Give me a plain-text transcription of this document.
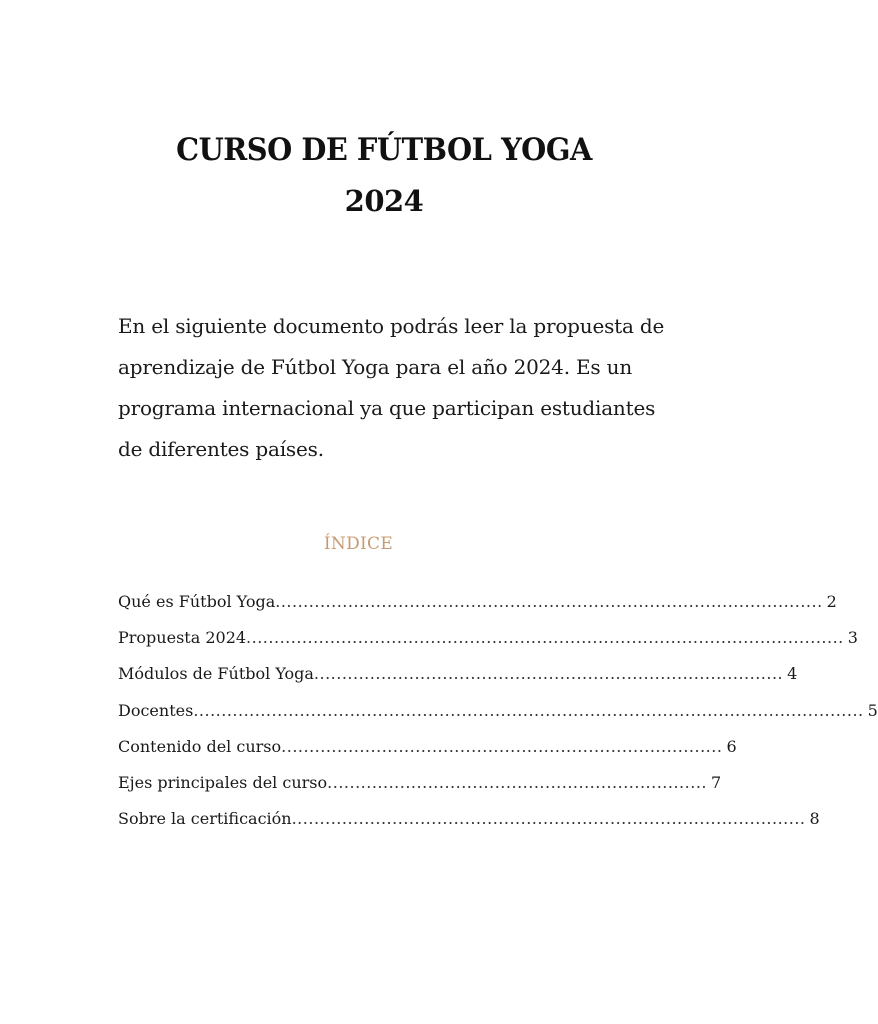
CURSO DE FÚTBOL YOGA
2024

En el siguiente documento podrás leer la propuesta de aprendizaje de Fútbol Yoga para el año 2024. Es un programa internacional ya que participan estudiantes de diferentes países.

ÍNDICE
Qué es Fútbol Yoga .................................................................................................. 2
Propuesta 2024 ........................................................................................................... 3
Módulos de Fútbol Yoga .................................................................................... 4
Docentes ........................................................................................................................ 5
Contenido del curso ............................................................................... 6
Ejes principales del curso .................................................................... 7
Sobre la certificación ............................................................................................ 8
